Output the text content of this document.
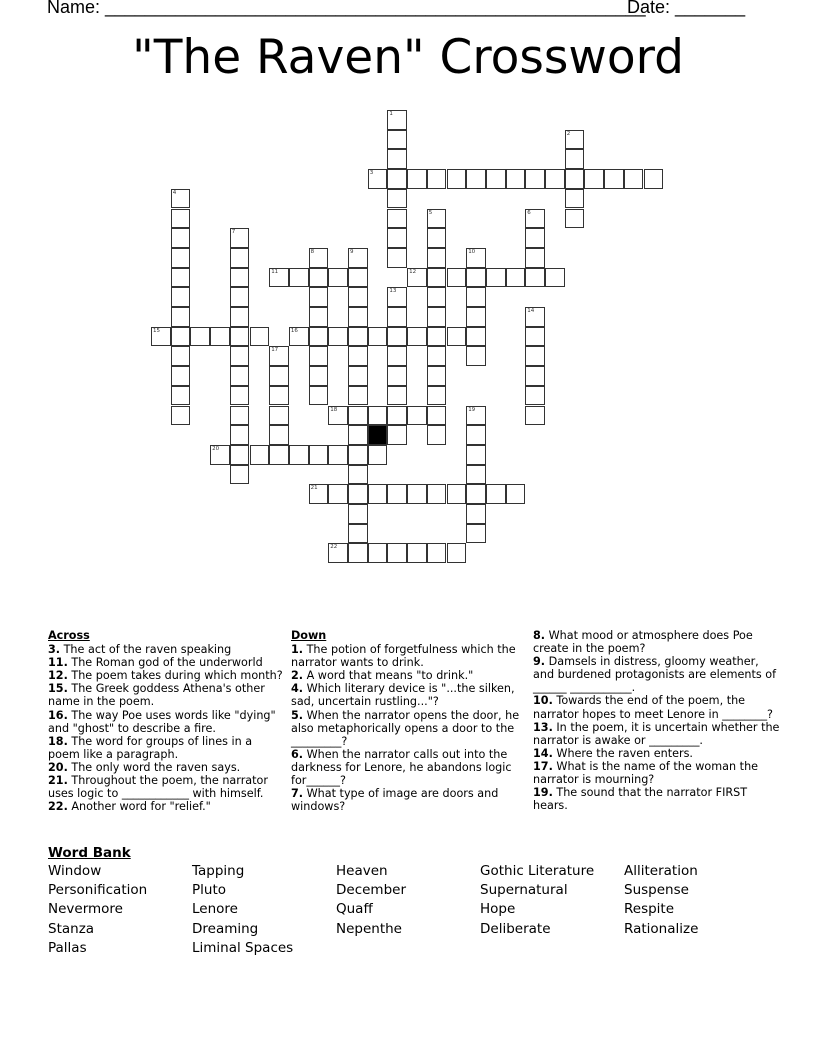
Name: ______________________________________________________
Date: _______
"The Raven" Crossword
1
2
3
4
5	6
7
8	9	10
11	12
13
14
15	16
17
18	19
20
21
22
Across
3. The act of the raven speaking
11. The Roman god of the underworld
12. The poem takes during which month?
15. The Greek goddess Athena's other name in the poem.
16. The way Poe uses words like "dying" and "ghost" to describe a fire.
18. The word for groups of lines in a poem like a paragraph.
20. The only word the raven says.
21. Throughout the poem, the narrator uses logic to ____________ with himself.
22. Another word for "relief."
Down
1. The potion of forgetfulness which the narrator wants to drink.
2. A word that means "to drink."
4. Which literary device is "...the silken, sad, uncertain rustling..."?
5. When the narrator opens the door, he also metaphorically opens a door to the _________?
6. When the narrator calls out into the darkness for Lenore, he abandons logic for______?
7. What type of image are doors and windows?
8. What mood or atmosphere does Poe create in the poem?
9. Damsels in distress, gloomy weather, and burdened protagonists are elements of ______ ___________.
10. Towards the end of the poem, the narrator hopes to meet Lenore in ________?
13. In the poem, it is uncertain whether the narrator is awake or _________.
14. Where the raven enters.
17. What is the name of the woman the narrator is mourning?
19. The sound that the narrator FIRST hears.
Word Bank
Window
Personification
Nevermore
Stanza
Pallas
Tapping
Pluto
Lenore
Dreaming
Liminal Spaces
Heaven
December
Quaff
Nepenthe
Gothic Literature
Supernatural
Hope
Deliberate
Alliteration
Suspense
Respite
Rationalize
